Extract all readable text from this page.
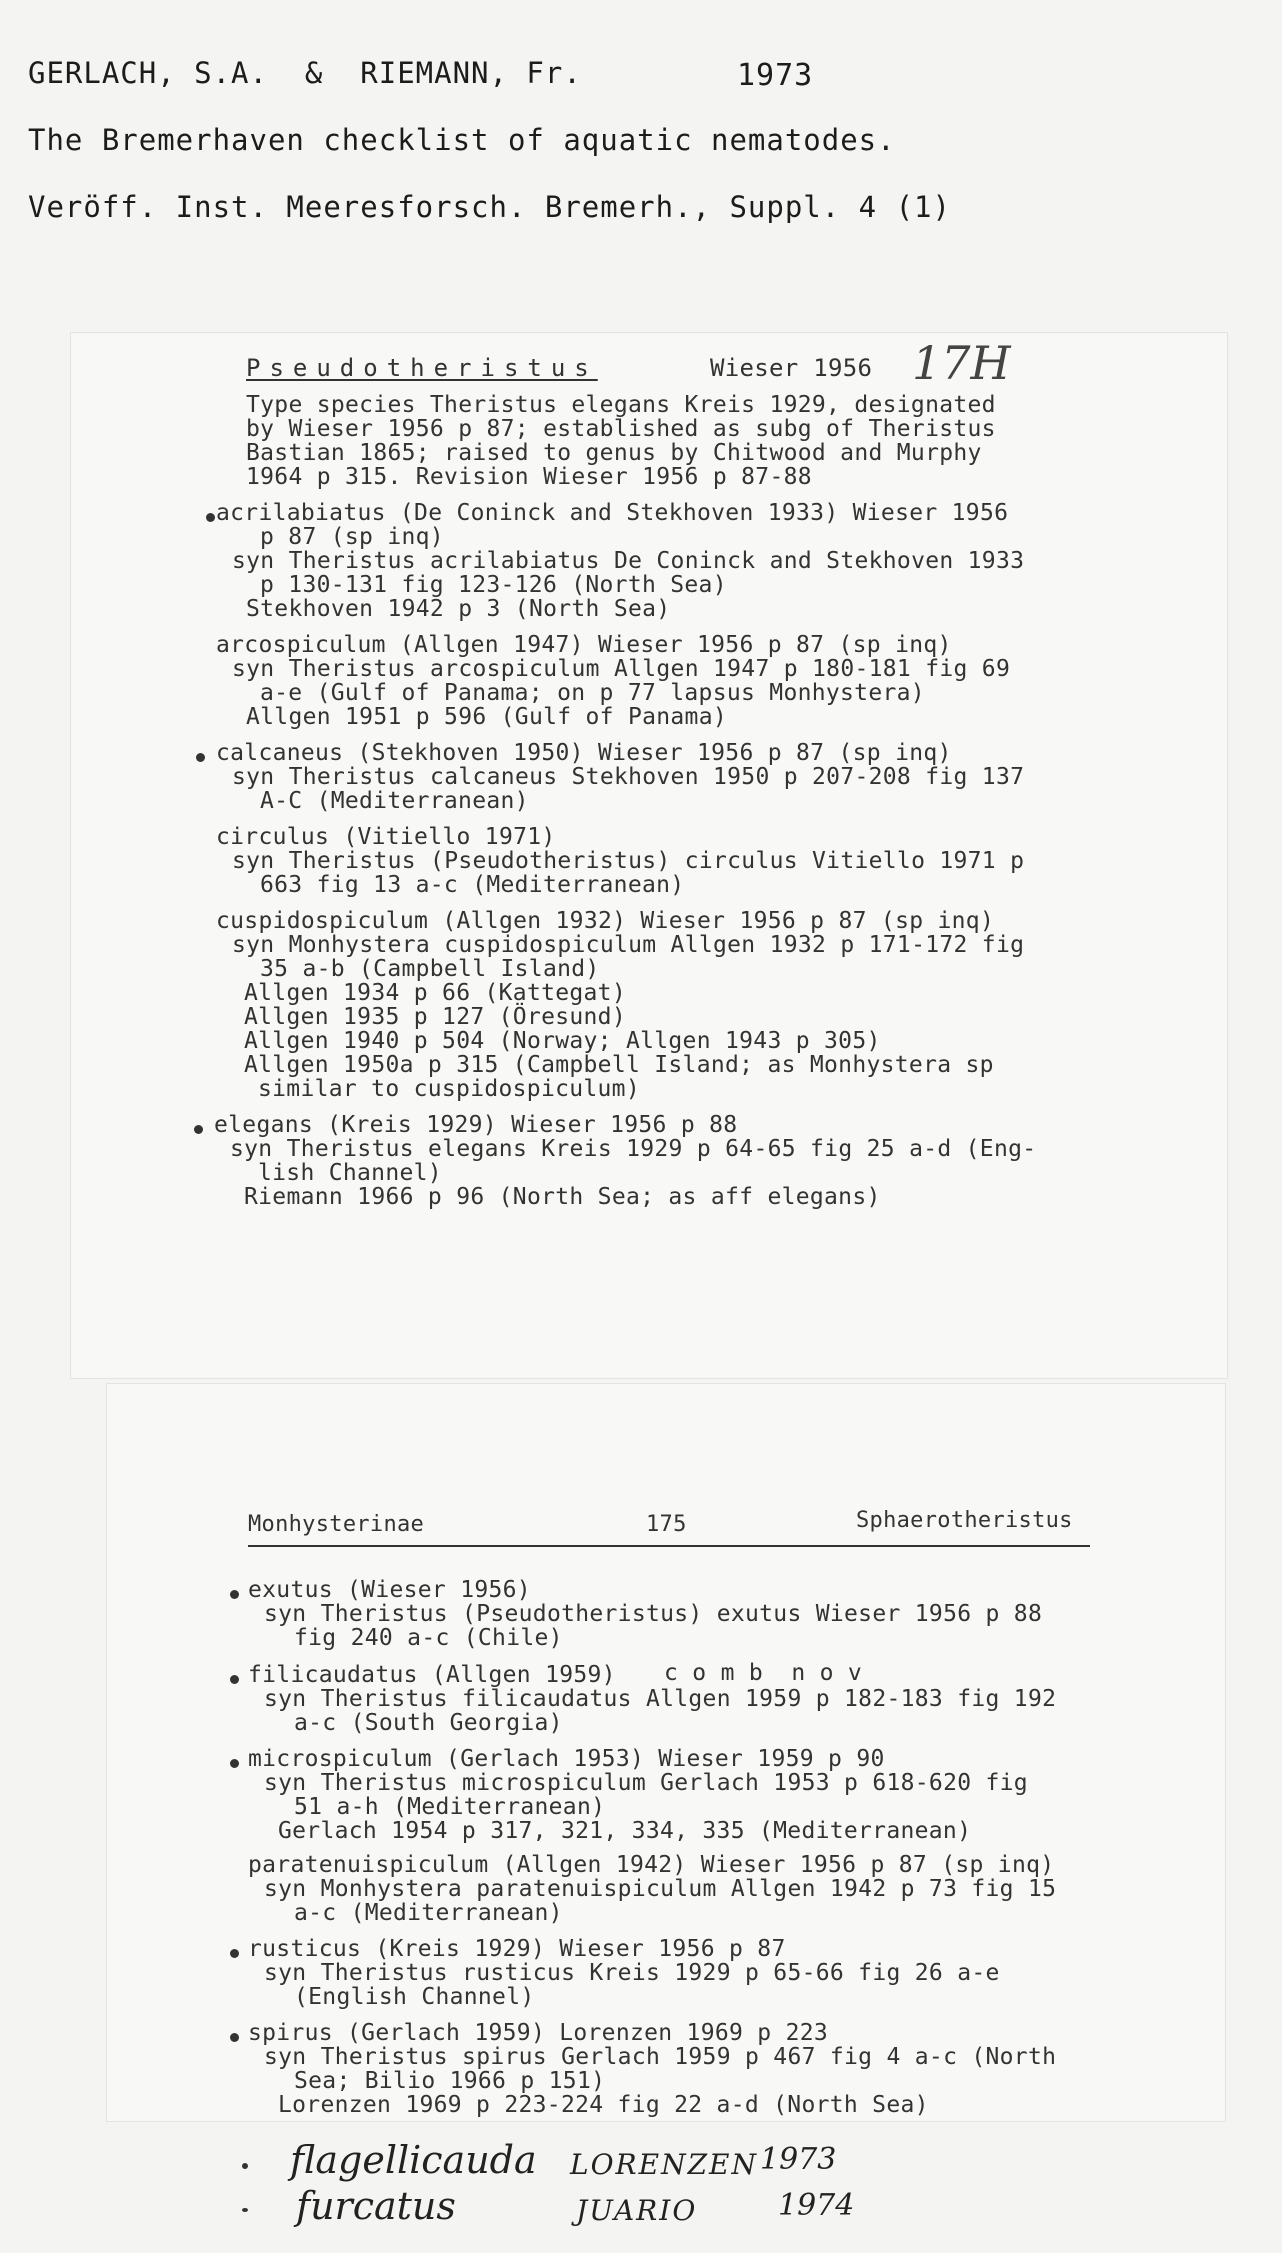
GERLACH, S.A.  &  RIEMANN, Fr.	1973
The Bremerhaven checklist of aquatic nematodes.
Veröff. Inst. Meeresforsch. Bremerh., Suppl. 4 (1)
Pseudotheristus	Wieser 1956 17H
Type species Theristus elegans Kreis 1929, designated
by Wieser 1956 p 87; established as subg of Theristus
Bastian 1865; raised to genus by Chitwood and Murphy
1964 p 315. Revision Wieser 1956 p 87-88
acrilabiatus (De Coninck and Stekhoven 1933) Wieser 1956
p 87 (sp inq)
syn Theristus acrilabiatus De Coninck and Stekhoven 1933
p 130-131 fig 123-126 (North Sea)
Stekhoven 1942 p 3 (North Sea)
arcospiculum (Allgen 1947) Wieser 1956 p 87 (sp inq)
syn Theristus arcospiculum Allgen 1947 p 180-181 fig 69
a-e (Gulf of Panama; on p 77 lapsus Monhystera)
Allgen 1951 p 596 (Gulf of Panama)
calcaneus (Stekhoven 1950) Wieser 1956 p 87 (sp inq)
syn Theristus calcaneus Stekhoven 1950 p 207-208 fig 137
A-C (Mediterranean)
circulus (Vitiello 1971)
syn Theristus (Pseudotheristus) circulus Vitiello 1971 p
663 fig 13 a-c (Mediterranean)
cuspidospiculum (Allgen 1932) Wieser 1956 p 87 (sp inq)
syn Monhystera cuspidospiculum Allgen 1932 p 171-172 fig
35 a-b (Campbell Island)
Allgen 1934 p 66 (Kattegat)
Allgen 1935 p 127 (Öresund)
Allgen 1940 p 504 (Norway; Allgen 1943 p 305)
Allgen 1950a p 315 (Campbell Island; as Monhystera sp
similar to cuspidospiculum)
elegans (Kreis 1929) Wieser 1956 p 88
syn Theristus elegans Kreis 1929 p 64-65 fig 25 a-d (Eng-
lish Channel)
Riemann 1966 p 96 (North Sea; as aff elegans)
Monhysterinae	175	Sphaerotheristus
exutus (Wieser 1956)
syn Theristus (Pseudotheristus) exutus Wieser 1956 p 88
fig 240 a-c (Chile)
filicaudatus (Allgen 1959) c o m b  n o v
syn Theristus filicaudatus Allgen 1959 p 182-183 fig 192
a-c (South Georgia)
microspiculum (Gerlach 1953) Wieser 1959 p 90
syn Theristus microspiculum Gerlach 1953 p 618-620 fig
51 a-h (Mediterranean)
Gerlach 1954 p 317, 321, 334, 335 (Mediterranean)
paratenuispiculum (Allgen 1942) Wieser 1956 p 87 (sp inq)
syn Monhystera paratenuispiculum Allgen 1942 p 73 fig 15
a-c (Mediterranean)
rusticus (Kreis 1929) Wieser 1956 p 87
syn Theristus rusticus Kreis 1929 p 65-66 fig 26 a-e
(English Channel)
spirus (Gerlach 1959) Lorenzen 1969 p 223
syn Theristus spirus Gerlach 1959 p 467 fig 4 a-c (North
Sea; Bilio 1966 p 151)
Lorenzen 1969 p 223-224 fig 22 a-d (North Sea)
flagellicauda LORENZEN 1973
furcatus	JUARIO	1974
